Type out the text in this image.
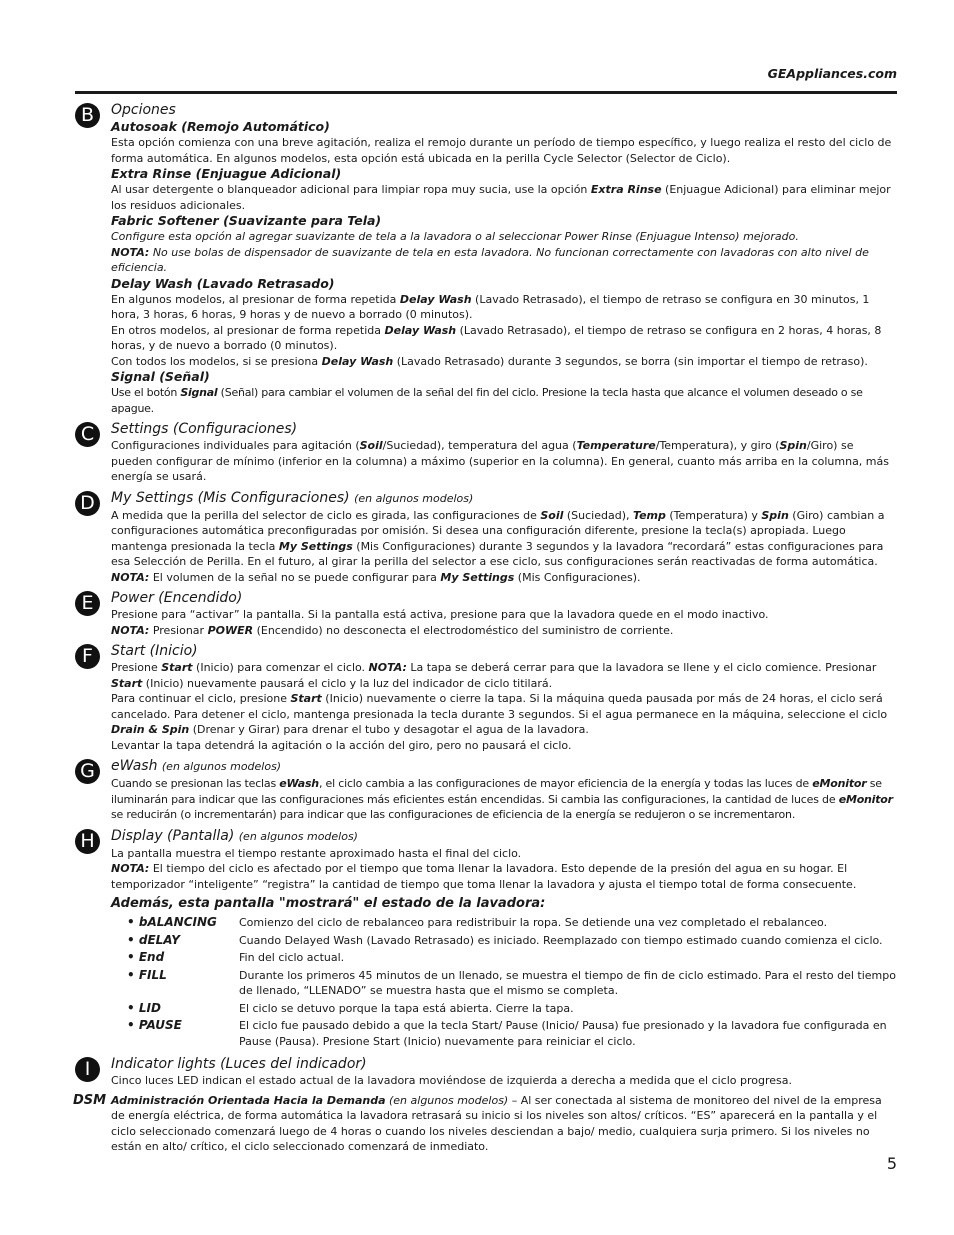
GEAppliances.com
B	Opciones
Autosoak (Remojo Automático)

Esta opción comienza con una breve agitación, realiza el remojo durante un período de tiempo específico, y luego realiza el resto del ciclo de forma automática. En algunos modelos, esta opción está ubicada en la perilla Cycle Selector (Selector de Ciclo).

Extra Rinse (Enjuague Adicional)

Al usar detergente o blanqueador adicional para limpiar ropa muy sucia, use la opción Extra Rinse (Enjuague Adicional) para eliminar mejor los residuos adicionales.

Fabric Softener (Suavizante para Tela)

Configure esta opción al agregar suavizante de tela a la lavadora o al seleccionar Power Rinse (Enjuague Intenso) mejorado.

NOTA: No use bolas de dispensador de suavizante de tela en esta lavadora. No funcionan correctamente con lavadoras con alto nivel de eficiencia.

Delay Wash (Lavado Retrasado)

En algunos modelos, al presionar de forma repetida Delay Wash (Lavado Retrasado), el tiempo de retraso se configura en 30 minutos, 1 hora, 3 horas, 6 horas, 9 horas y de nuevo a borrado (0 minutos).

En otros modelos, al presionar de forma repetida Delay Wash (Lavado Retrasado), el tiempo de retraso se configura en 2 horas, 4 horas, 8 horas, y de nuevo a borrado (0 minutos).

Con todos los modelos, si se presiona Delay Wash (Lavado Retrasado) durante 3 segundos, se borra (sin importar el tiempo de retraso).

Signal (Señal)

Use el botón Signal (Señal) para cambiar el volumen de la señal del fin del ciclo. Presione la tecla hasta que alcance el volumen deseado o se apague.

C	Settings (Configuraciones)

Configuraciones individuales para agitación (Soil/Suciedad), temperatura del agua (Temperature/Temperatura), y giro (Spin/Giro) se pueden configurar de mínimo (inferior en la columna) a máximo (superior en la columna). En general, cuanto más arriba en la columna, más energía se usará.

D	My Settings (Mis Configuraciones) (en algunos modelos)

A medida que la perilla del selector de ciclo es girada, las configuraciones de Soil (Suciedad), Temp (Temperatura) y Spin (Giro) cambian a configuraciones automática preconfiguradas por omisión. Si desea una configuración diferente, presione la tecla(s) apropiada. Luego mantenga presionada la tecla My Settings (Mis Configuraciones) durante 3 segundos y la lavadora “recordará” estas configuraciones para esa Selección de Perilla. En el futuro, al girar la perilla del selector a ese ciclo, sus configuraciones serán reactivadas de forma automática.

NOTA: El volumen de la señal no se puede configurar para My Settings (Mis Configuraciones).

E	Power (Encendido)

Presione para “activar” la pantalla. Si la pantalla está activa, presione para que la lavadora quede en el modo inactivo.

NOTA: Presionar POWER (Encendido) no desconecta el electrodoméstico del suministro de corriente.

F	Start (Inicio)

Presione Start (Inicio) para comenzar el ciclo. NOTA: La tapa se deberá cerrar para que la lavadora se llene y el ciclo comience. Presionar Start (Inicio) nuevamente pausará el ciclo y la luz del indicador de ciclo titilará.

Para continuar el ciclo, presione Start (Inicio) nuevamente o cierre la tapa. Si la máquina queda pausada por más de 24 horas, el ciclo será cancelado. Para detener el ciclo, mantenga presionada la tecla durante 3 segundos. Si el agua permanece en la máquina, seleccione el ciclo Drain & Spin (Drenar y Girar) para drenar el tubo y desagotar el agua de la lavadora.

Levantar la tapa detendrá la agitación o la acción del giro, pero no pausará el ciclo.

G	eWash (en algunos modelos)

Cuando se presionan las teclas eWash, el ciclo cambia a las configuraciones de mayor eficiencia de la energía y todas las luces de eMonitor se iluminarán para indicar que las configuraciones más eficientes están encendidas. Si cambia las configuraciones, la cantidad de luces de eMonitor se reducirán (o incrementarán) para indicar que las configuraciones de eficiencia de la energía se redujeron o se incrementaron.

H	Display (Pantalla) (en algunos modelos)

La pantalla muestra el tiempo restante aproximado hasta el final del ciclo.

NOTA: El tiempo del ciclo es afectado por el tiempo que toma llenar la lavadora. Esto depende de la presión del agua en su hogar. El temporizador “inteligente” “registra” la cantidad de tiempo que toma llenar la lavadora y ajusta el tiempo total de forma consecuente.

Además, esta pantalla "mostrará" el estado de la lavadora:
• bALANCING	Comienzo del ciclo de rebalanceo para redistribuir la ropa. Se detiende una vez completado el rebalanceo.
• dELAY	Cuando Delayed Wash (Lavado Retrasado) es iniciado. Reemplazado con tiempo estimado cuando comienza el ciclo.
• End	Fin del ciclo actual.
• FILL	Durante los primeros 45 minutos de un llenado, se muestra el tiempo de fin de ciclo estimado. Para el resto del tiempo de llenado, “LLENADO” se muestra hasta que el mismo se completa.
• LID	El ciclo se detuvo porque la tapa está abierta. Cierre la tapa.
• PAUSE	El ciclo fue pausado debido a que la tecla Start/ Pause (Inicio/ Pausa) fue presionado y la lavadora fue configurada en Pause (Pausa). Presione Start (Inicio) nuevamente para reiniciar el ciclo.
I	Indicator lights (Luces del indicador)

Cinco luces LED indican el estado actual de la lavadora moviéndose de izquierda a derecha a medida que el ciclo progresa.

DSM Administración Orientada Hacia la Demanda (en algunos modelos) – Al ser conectada al sistema de monitoreo del nivel de la empresa de energía eléctrica, de forma automática la lavadora retrasará su inicio si los niveles son altos/ críticos. “ES” aparecerá en la pantalla y el ciclo seleccionado comenzará luego de 4 horas o cuando los niveles desciendan a bajo/ medio, cualquiera surja primero. Si los niveles no están en alto/ crítico, el ciclo seleccionado comenzará de inmediato.

5
